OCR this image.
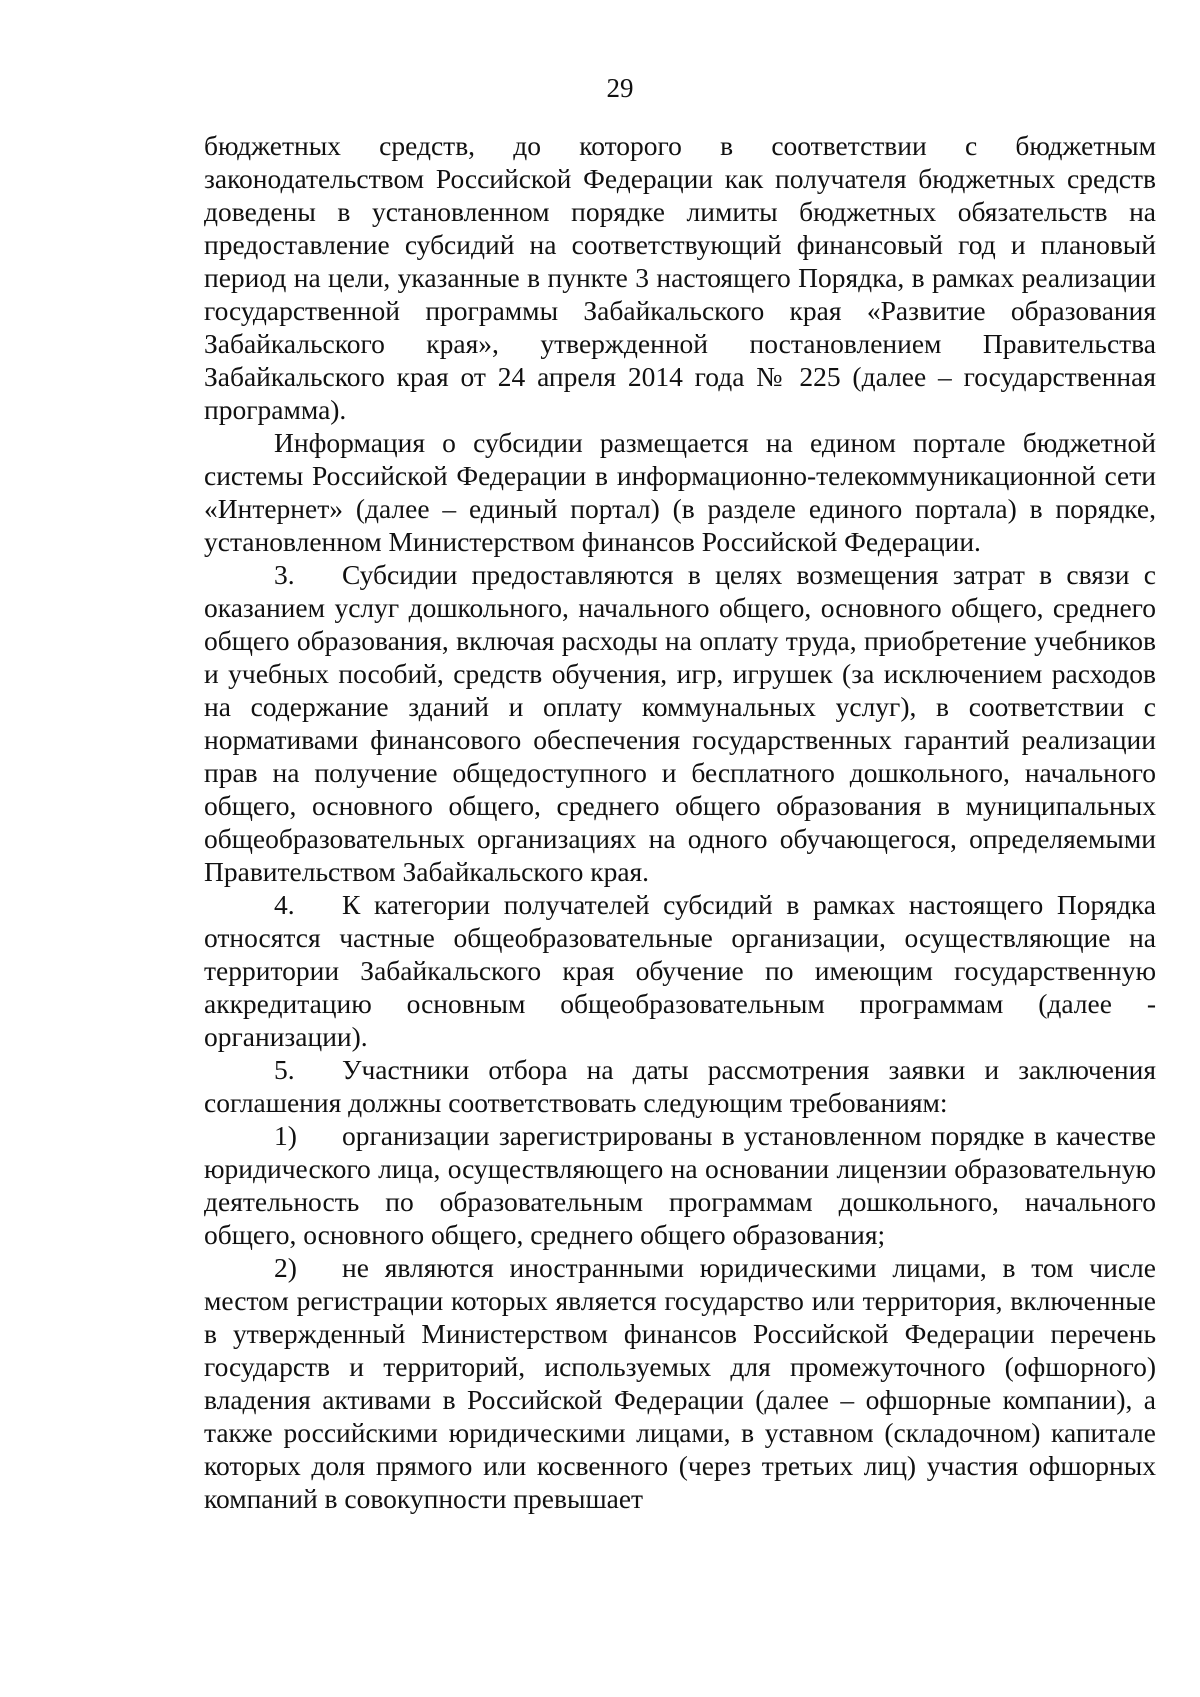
29

бюджетных средств, до которого в соответствии с бюджетным законодательством Российской Федерации как получателя бюджетных средств доведены в установленном порядке лимиты бюджетных обязательств на предоставление субсидий на соответствующий финансовый год и плановый период на цели, указанные в пункте 3 настоящего Порядка, в рамках реализации государственной программы Забайкальского края «Развитие образования Забайкальского края», утвержденной постановлением Правительства Забайкальского края от 24 апреля 2014 года № 225 (далее – государственная программа).

Информация о субсидии размещается на едином портале бюджетной системы Российской Федерации в информационно-телекоммуникационной сети «Интернет» (далее – единый портал) (в разделе единого портала) в порядке, установленном Министерством финансов Российской Федерации.

3. Субсидии предоставляются в целях возмещения затрат в связи с оказанием услуг дошкольного, начального общего, основного общего, среднего общего образования, включая расходы на оплату труда, приобретение учебников и учебных пособий, средств обучения, игр, игрушек (за исключением расходов на содержание зданий и оплату коммунальных услуг), в соответствии с нормативами финансового обеспечения государственных гарантий реализации прав на получение общедоступного и бесплатного дошкольного, начального общего, основного общего, среднего общего образования в муниципальных общеобразовательных организациях на одного обучающегося, определяемыми Правительством Забайкальского края.

4. К категории получателей субсидий в рамках настоящего Порядка относятся частные общеобразовательные организации, осуществляющие на территории Забайкальского края обучение по имеющим государственную аккредитацию основным общеобразовательным программам (далее - организации).

5. Участники отбора на даты рассмотрения заявки и заключения соглашения должны соответствовать следующим требованиям:

1) организации зарегистрированы в установленном порядке в качестве юридического лица, осуществляющего на основании лицензии образовательную деятельность по образовательным программам дошкольного, начального общего, основного общего, среднего общего образования;

2) не являются иностранными юридическими лицами, в том числе местом регистрации которых является государство или территория, включенные в утвержденный Министерством финансов Российской Федерации перечень государств и территорий, используемых для промежуточного (офшорного) владения активами в Российской Федерации (далее – офшорные компании), а также российскими юридическими лицами, в уставном (складочном) капитале которых доля прямого или косвенного (через третьих лиц) участия офшорных компаний в совокупности превышает
